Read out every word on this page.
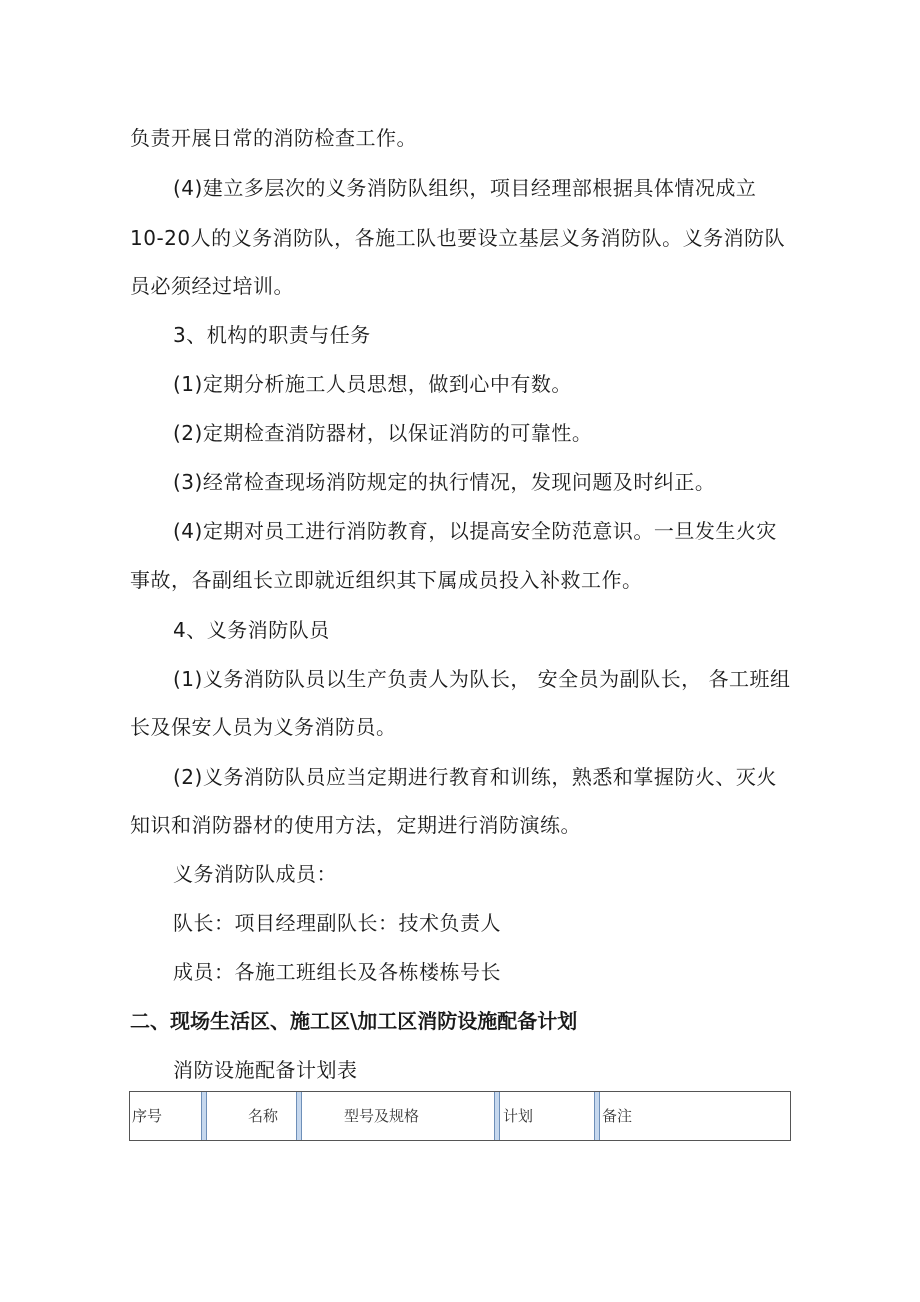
负责开展日常的消防检查工作。
(4)建立多层次的义务消防队组织，项目经理部根据具体情况成立
10-20人的义务消防队，各施工队也要设立基层义务消防队。义务消防队
员必须经过培训。
3、机构的职责与任务
(1)定期分析施工人员思想，做到心中有数。
(2)定期检查消防器材，以保证消防的可靠性。
(3)经常检查现场消防规定的执行情况，发现问题及时纠正。
(4)定期对员工进行消防教育，以提高安全防范意识。一旦发生火灾
事故，各副组长立即就近组织其下属成员投入补救工作。
4、义务消防队员
(1)义务消防队员以生产负责人为队长， 安全员为副队长， 各工班组
长及保安人员为义务消防员。
(2)义务消防队员应当定期进行教育和训练，熟悉和掌握防火、灭火
知识和消防器材的使用方法，定期进行消防演练。
义务消防队成员：
队长：项目经理副队长：技术负责人
成员：各施工班组长及各栋楼栋号长
二、现场生活区、施工区\加工区消防设施配备计划
消防设施配备计划表
序号	名称	型号及规格	计划	备注
